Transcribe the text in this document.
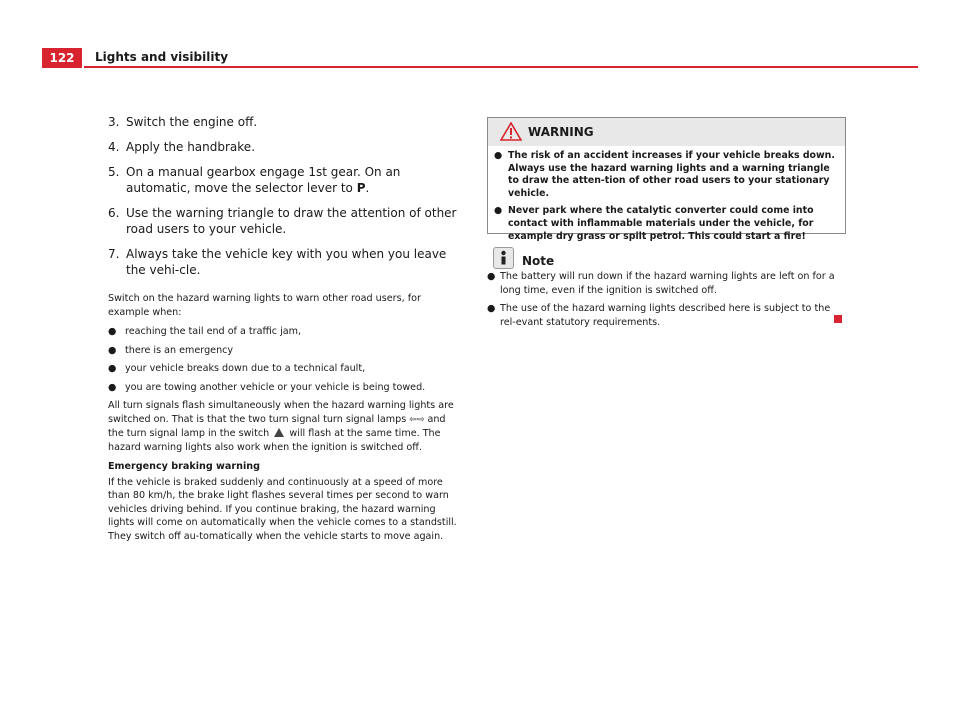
122	Lights and visibility
3. Switch the engine off.
4. Apply the handbrake.
5. On a manual gearbox engage 1st gear. On an automatic, move the selector lever to P.
6. Use the warning triangle to draw the attention of other road users to your vehicle.
7. Always take the vehicle key with you when you leave the vehi-cle.

Switch on the hazard warning lights to warn other road users, for example when:

● reaching the tail end of a traffic jam,
● there is an emergency
● your vehicle breaks down due to a technical fault,
● you are towing another vehicle or your vehicle is being towed.

All turn signals flash simultaneously when the hazard warning lights are switched on. That is that the two turn signal turn signal lamps ⇦⇨ and the turn signal lamp in the switch  will flash at the same time. The hazard warning lights also work when the ignition is switched off.

Emergency braking warning

If the vehicle is braked suddenly and continuously at a speed of more than 80 km/h, the brake light flashes several times per second to warn vehicles driving behind. If you continue braking, the hazard warning lights will come on automatically when the vehicle comes to a standstill. They switch off au-tomatically when the vehicle starts to move again.

WARNING
● The risk of an accident increases if your vehicle breaks down. Always use the hazard warning lights and a warning triangle to draw the atten-tion of other road users to your stationary vehicle.
● Never park where the catalytic converter could come into contact with inflammable materials under the vehicle, for example dry grass or spilt petrol. This could start a fire!
Note
● The battery will run down if the hazard warning lights are left on for a long time, even if the ignition is switched off.
● The use of the hazard warning lights described here is subject to the rel-evant statutory requirements.
